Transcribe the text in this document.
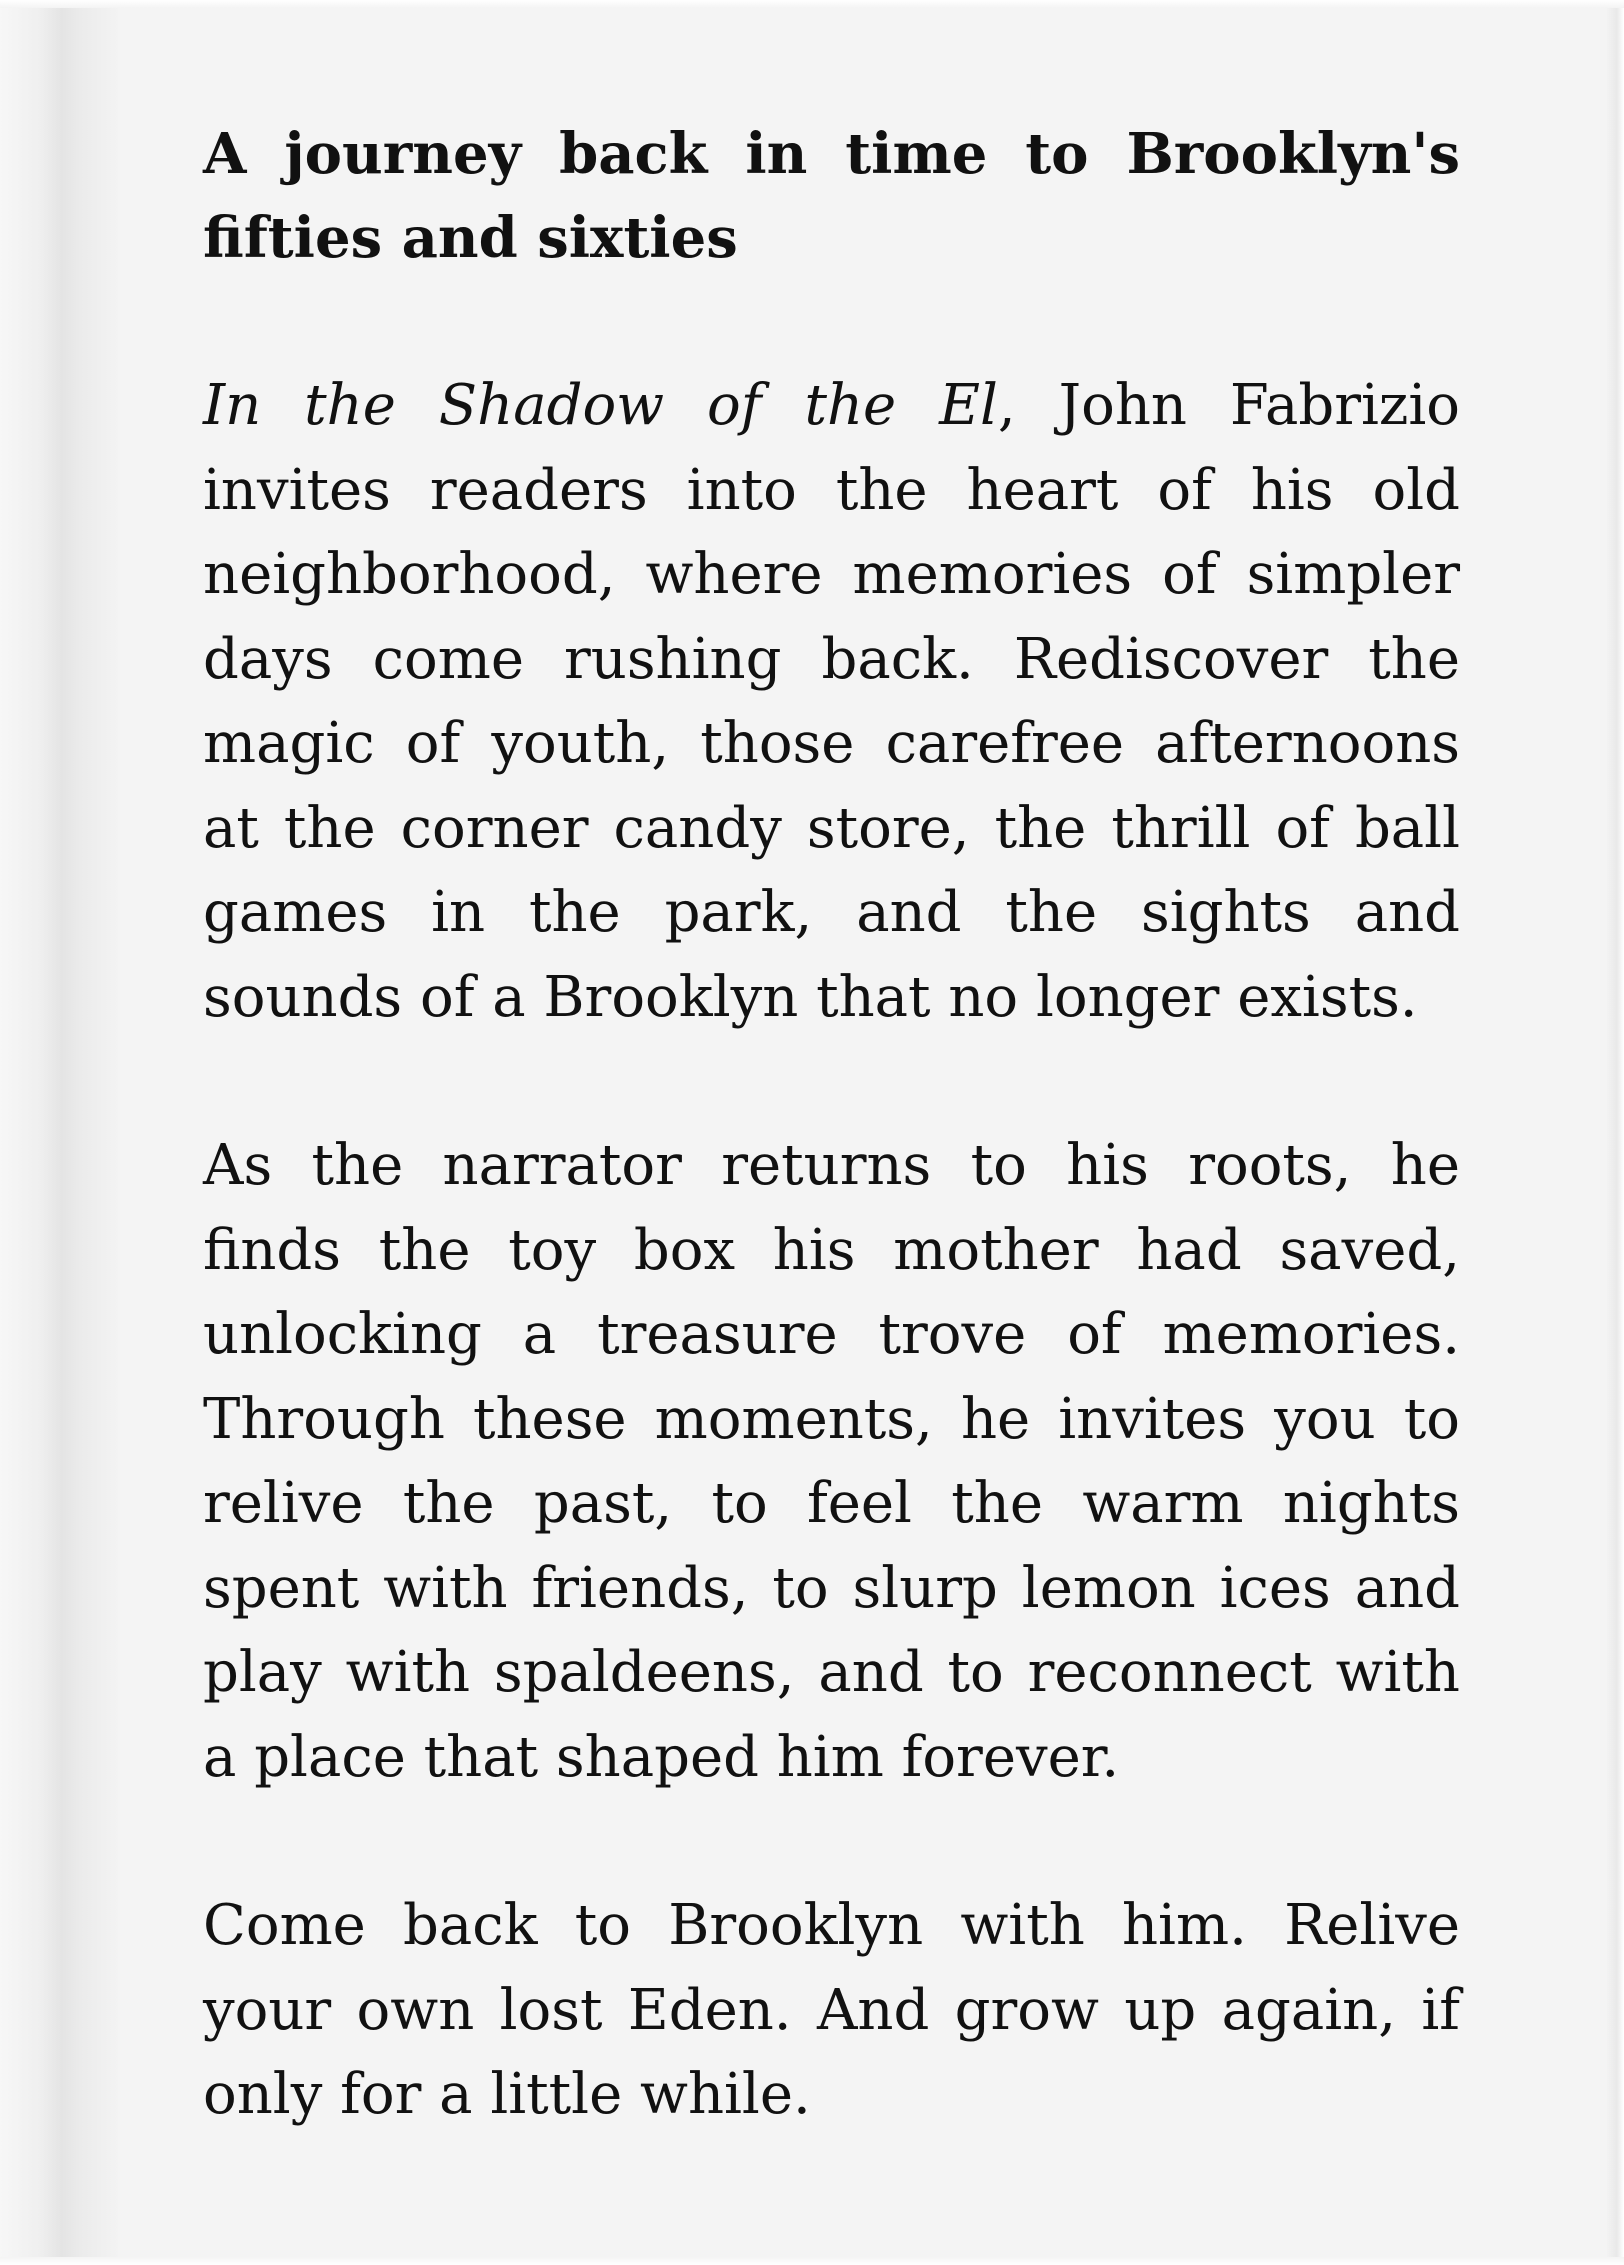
A journey back in time to Brooklyn's fifties and sixties

In the Shadow of the El, John Fabrizio invites readers into the heart of his old neighborhood, where memories of simpler days come rushing back. Rediscover the magic of youth, those carefree afternoons at the corner candy store, the thrill of ball games in the park, and the sights and sounds of a Brooklyn that no longer exists.

As the narrator returns to his roots, he finds the toy box his mother had saved, unlocking a treasure trove of memories. Through these moments, he invites you to relive the past, to feel the warm nights spent with friends, to slurp lemon ices and play with spaldeens, and to reconnect with a place that shaped him forever.

Come back to Brooklyn with him. Relive your own lost Eden. And grow up again, if only for a little while.
